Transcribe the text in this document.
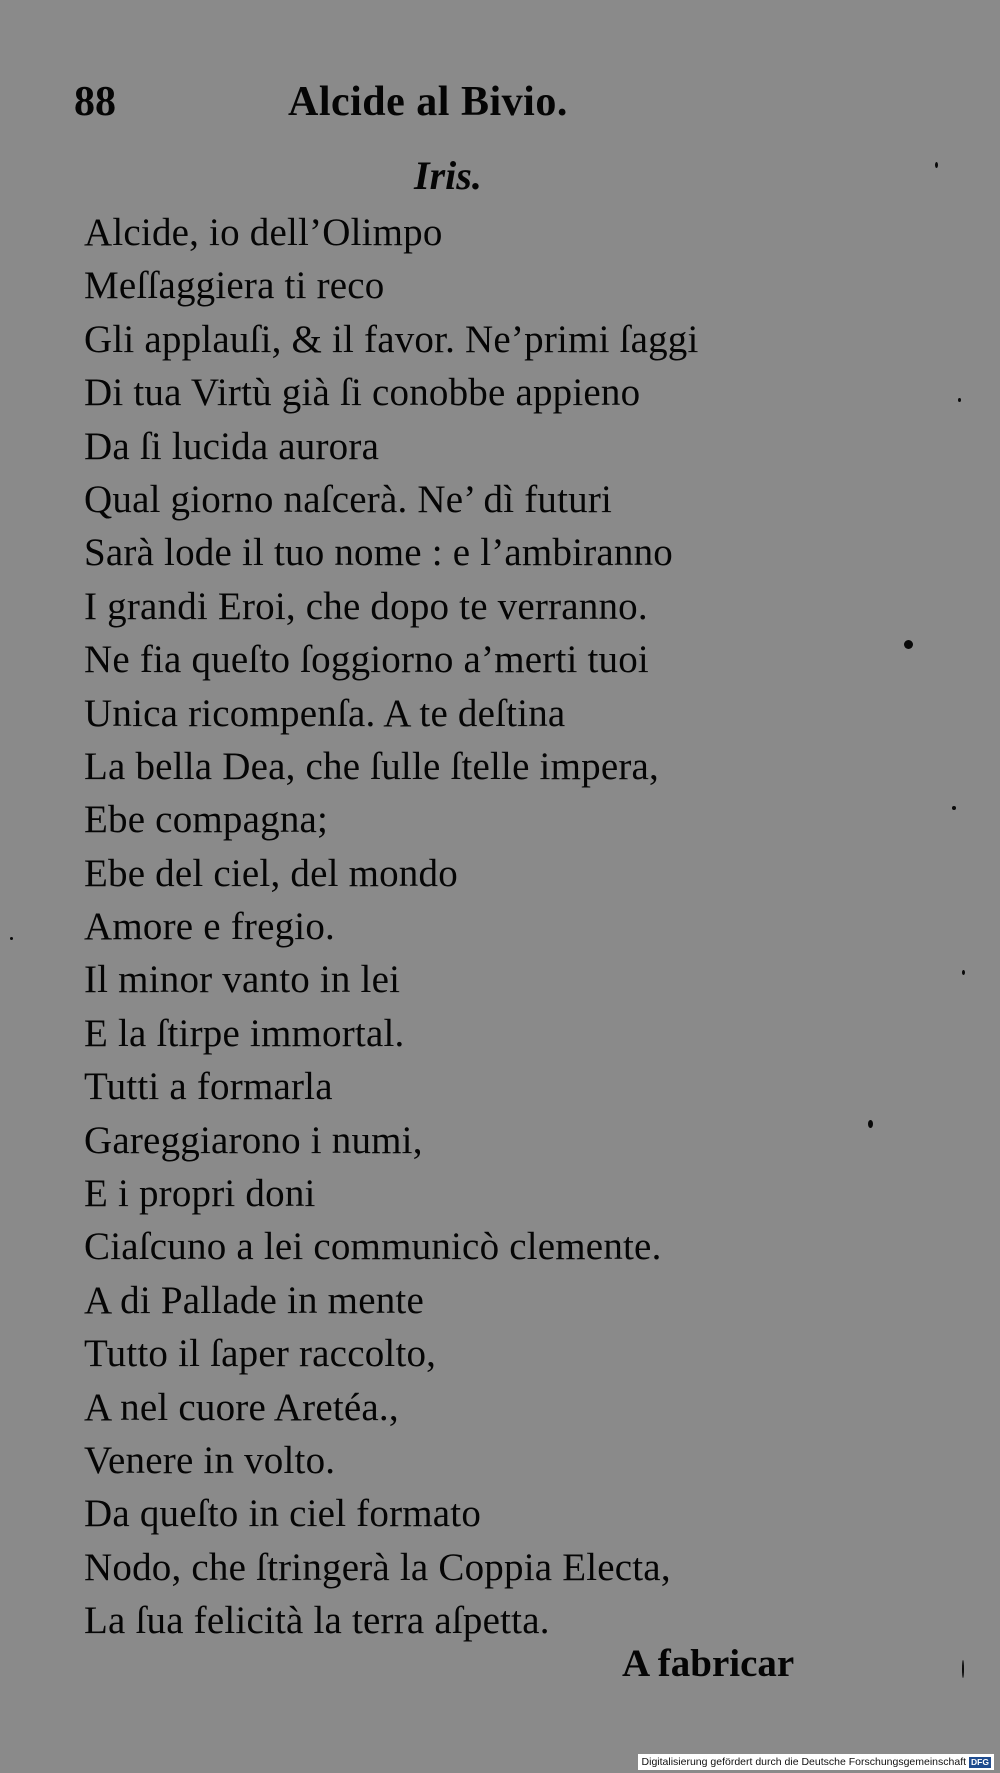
88	Alcide al Bivio.
Iris.
Alcide, io dell’Olimpo
Meſſaggiera ti reco
Gli applauſi, & il favor. Ne’primi ſaggi
Di tua Virtù già ſi conobbe appieno
Da ſi lucida aurora
Qual giorno naſcerà. Ne’ dì futuri
Sarà lode il tuo nome : e l’ambiranno
I grandi Eroi, che dopo te verranno.
Ne fia queſto ſoggiorno a’merti tuoi
Unica ricompenſa. A te deſtina
La bella Dea, che ſulle ſtelle impera,
Ebe compagna;
Ebe del ciel, del mondo
Amore e fregio.
Il minor vanto in lei
E la ſtirpe immortal.
Tutti a formarla
Gareggiarono i numi,
E i propri doni
Ciaſcuno a lei communicò clemente.
A di Pallade in mente
Tutto il ſaper raccolto,
A nel cuore Aretéa.,
Venere in volto.
Da queſto in ciel formato
Nodo, che ſtringerà la Coppia Electa,
La ſua felicità la terra aſpetta.
A fabricar
Digitalisierung gefördert durch die Deutsche Forschungsgemeinschaft DFG
